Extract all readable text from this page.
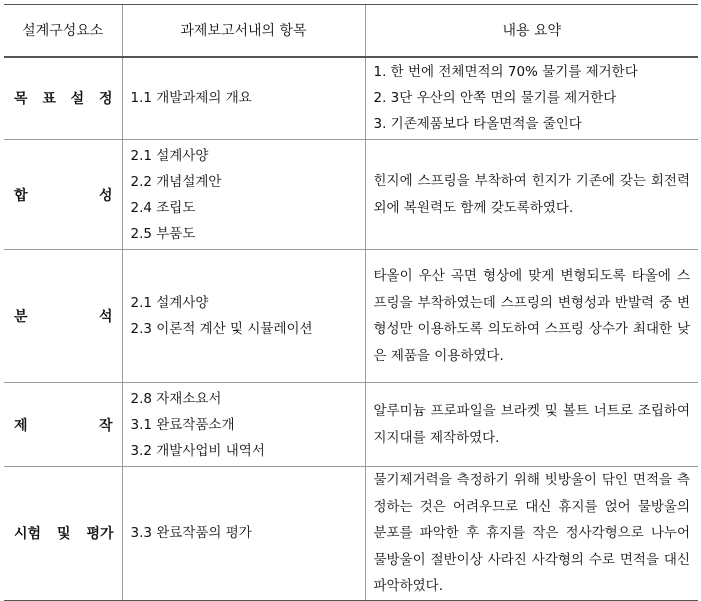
설계구성요소	과제보고서내의 항목	내용 요약
목 표 설 정	1.1 개발과제의 개요	1. 한 번에 전체면적의 70% 물기를 제거한다
2. 3단 우산의 안쪽 면의 물기를 제거한다
3. 기존제품보다 타올면적을 줄인다

합 성	2.1 설계사양
2.2 개념설계안
2.4 조립도
2.5 부품도	힌지에 스프링을 부착하여 힌지가 기존에 갖는 회전력 외에 복원력도 함께 갖도록하였다.

분 석	2.1 설계사양
2.3 이론적 계산 및 시뮬레이션	타올이 우산 곡면 형상에 맞게 변형되도록 타올에 스프링을 부착하였는데 스프링의 변형성과 반발력 중 변형성만 이용하도록 의도하여 스프링 상수가 최대한 낮은 제품을 이용하였다.

제 작	2.8 자재소요서
3.1 완료작품소개
3.2 개발사업비 내역서	알루미늄 프로파일을 브라켓 및 볼트 너트로 조립하여 지지대를 제작하였다.

시험 및 평가	3.3 완료작품의 평가	물기제거력을 측정하기 위해 빗방울이 닦인 면적을 측정하는 것은 어려우므로 대신 휴지를 얹어 물방울의 분포를 파악한 후 휴지를 작은 정사각형으로 나누어 물방울이 절반이상 사라진 사각형의 수로 면적을 대신 파악하였다.
